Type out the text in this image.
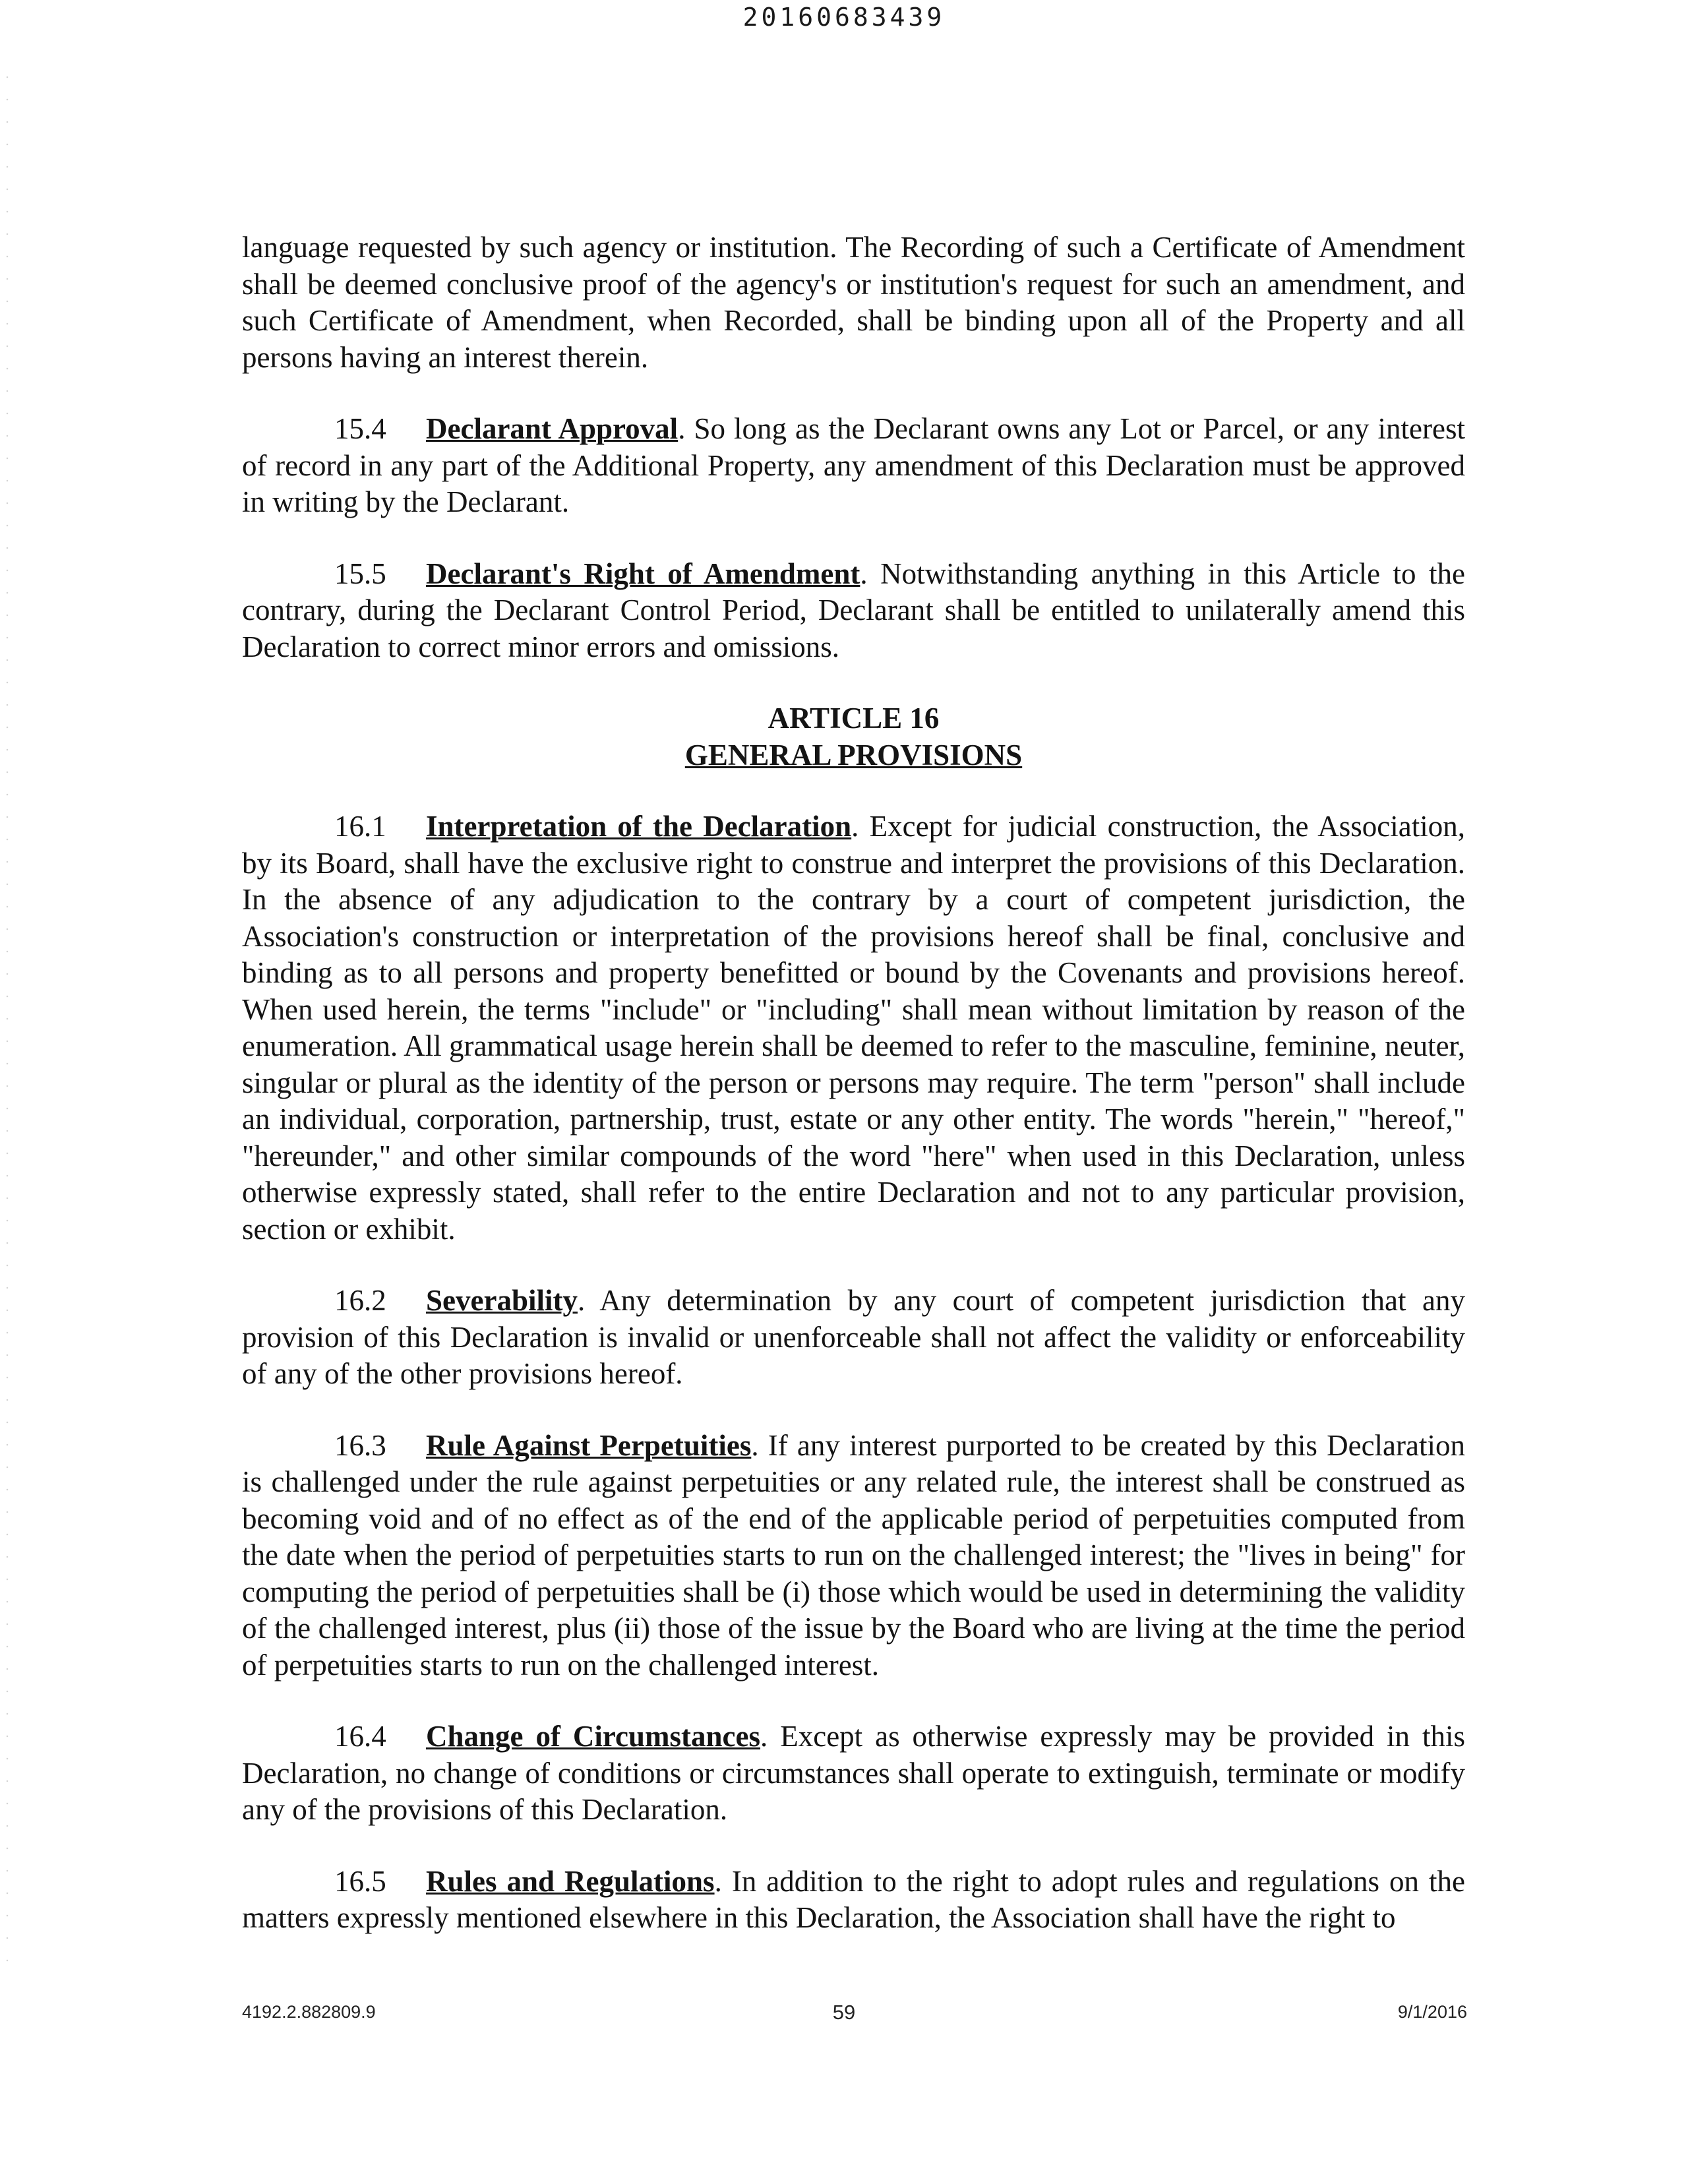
20160683439

language requested by such agency or institution. The Recording of such a Certificate of Amendment shall be deemed conclusive proof of the agency's or institution's request for such an amendment, and such Certificate of Amendment, when Recorded, shall be binding upon all of the Property and all persons having an interest therein.

15.4 Declarant Approval. So long as the Declarant owns any Lot or Parcel, or any interest of record in any part of the Additional Property, any amendment of this Declaration must be approved in writing by the Declarant.

15.5 Declarant's Right of Amendment. Notwithstanding anything in this Article to the contrary, during the Declarant Control Period, Declarant shall be entitled to unilaterally amend this Declaration to correct minor errors and omissions.

ARTICLE 16
GENERAL PROVISIONS

16.1 Interpretation of the Declaration. Except for judicial construction, the Association, by its Board, shall have the exclusive right to construe and interpret the provisions of this Declaration. In the absence of any adjudication to the contrary by a court of competent jurisdiction, the Association's construction or interpretation of the provisions hereof shall be final, conclusive and binding as to all persons and property benefitted or bound by the Covenants and provisions hereof. When used herein, the terms "include" or "including" shall mean without limitation by reason of the enumeration. All grammatical usage herein shall be deemed to refer to the masculine, feminine, neuter, singular or plural as the identity of the person or persons may require. The term "person" shall include an individual, corporation, partnership, trust, estate or any other entity. The words "herein," "hereof," "hereunder," and other similar compounds of the word "here" when used in this Declaration, unless otherwise expressly stated, shall refer to the entire Declaration and not to any particular provision, section or exhibit.

16.2 Severability. Any determination by any court of competent jurisdiction that any provision of this Declaration is invalid or unenforceable shall not affect the validity or enforceability of any of the other provisions hereof.

16.3 Rule Against Perpetuities. If any interest purported to be created by this Declaration is challenged under the rule against perpetuities or any related rule, the interest shall be construed as becoming void and of no effect as of the end of the applicable period of perpetuities computed from the date when the period of perpetuities starts to run on the challenged interest; the "lives in being" for computing the period of perpetuities shall be (i) those which would be used in determining the validity of the challenged interest, plus (ii) those of the issue by the Board who are living at the time the period of perpetuities starts to run on the challenged interest.

16.4 Change of Circumstances. Except as otherwise expressly may be provided in this Declaration, no change of conditions or circumstances shall operate to extinguish, terminate or modify any of the provisions of this Declaration.

16.5 Rules and Regulations. In addition to the right to adopt rules and regulations on the matters expressly mentioned elsewhere in this Declaration, the Association shall have the right to

4192.2.882809.9	59	9/1/2016
